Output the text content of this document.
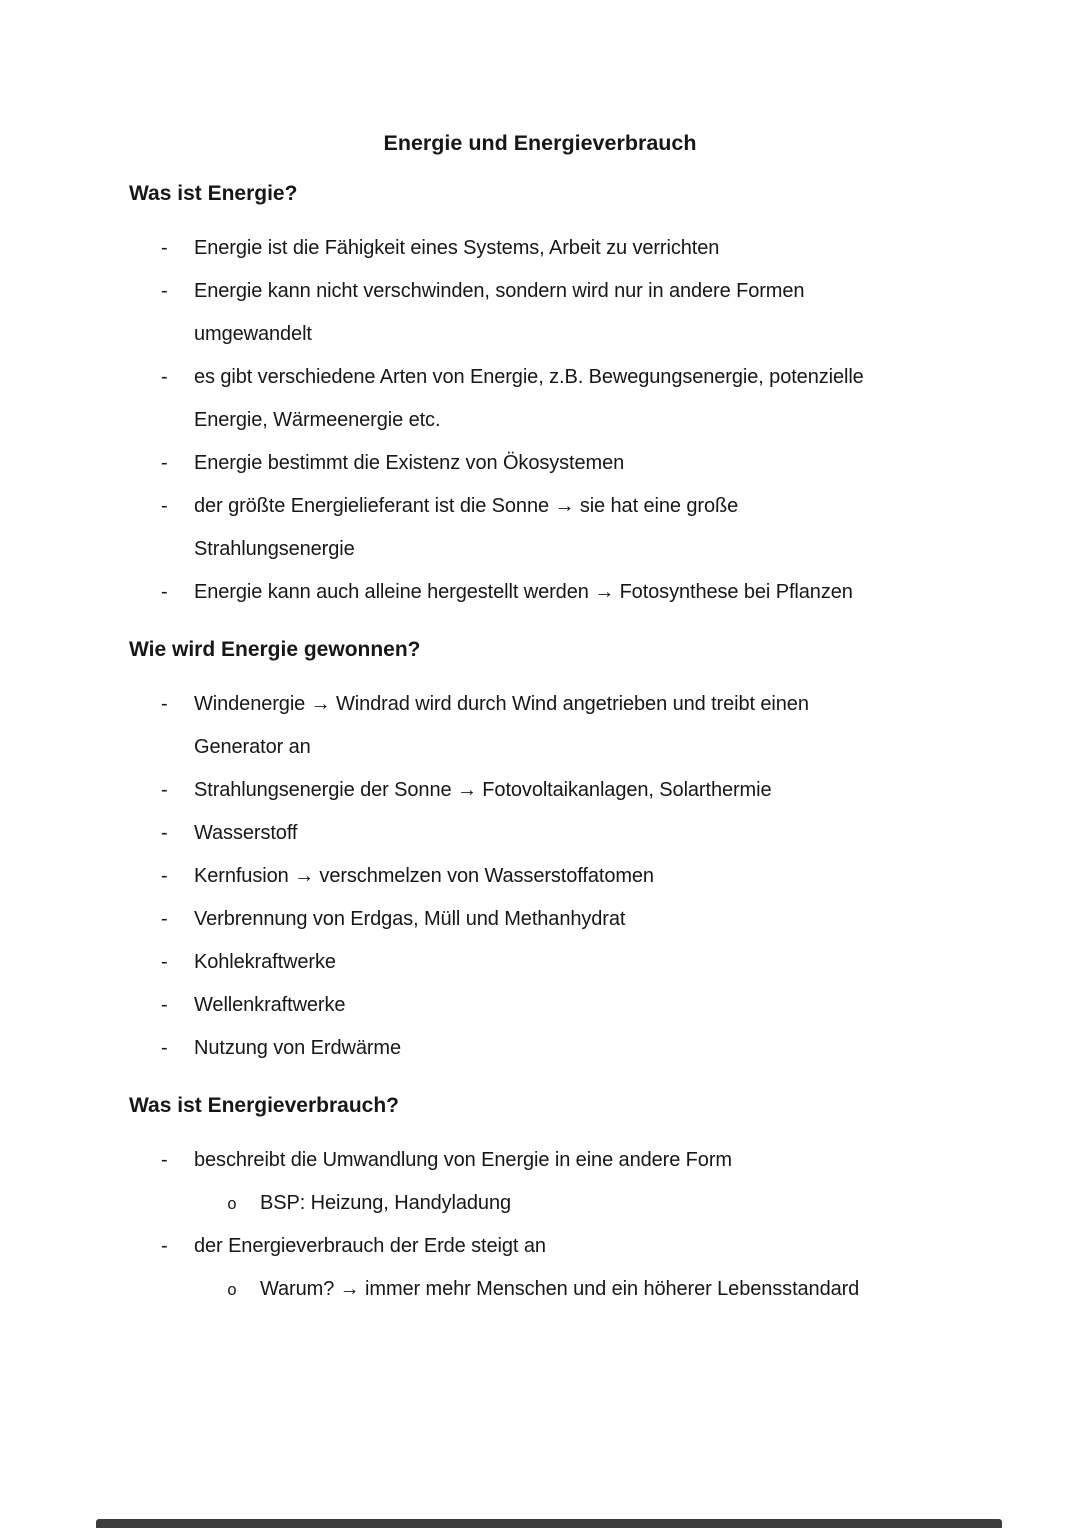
Energie und Energieverbrauch
Was ist Energie?
- Energie ist die Fähigkeit eines Systems, Arbeit zu verrichten
- Energie kann nicht verschwinden, sondern wird nur in andere Formen
umgewandelt
- es gibt verschiedene Arten von Energie, z.B. Bewegungsenergie, potenzielle
Energie, Wärmeenergie etc.
- Energie bestimmt die Existenz von Ökosystemen
- der größte Energielieferant ist die Sonne → sie hat eine große
Strahlungsenergie
- Energie kann auch alleine hergestellt werden → Fotosynthese bei Pflanzen
Wie wird Energie gewonnen?
- Windenergie → Windrad wird durch Wind angetrieben und treibt einen
Generator an
- Strahlungsenergie der Sonne → Fotovoltaikanlagen, Solarthermie
- Wasserstoff
- Kernfusion → verschmelzen von Wasserstoffatomen
- Verbrennung von Erdgas, Müll und Methanhydrat
- Kohlekraftwerke
- Wellenkraftwerke
- Nutzung von Erdwärme
Was ist Energieverbrauch?
- beschreibt die Umwandlung von Energie in eine andere Form
o BSP: Heizung, Handyladung
- der Energieverbrauch der Erde steigt an
o Warum? → immer mehr Menschen und ein höherer Lebensstandard
